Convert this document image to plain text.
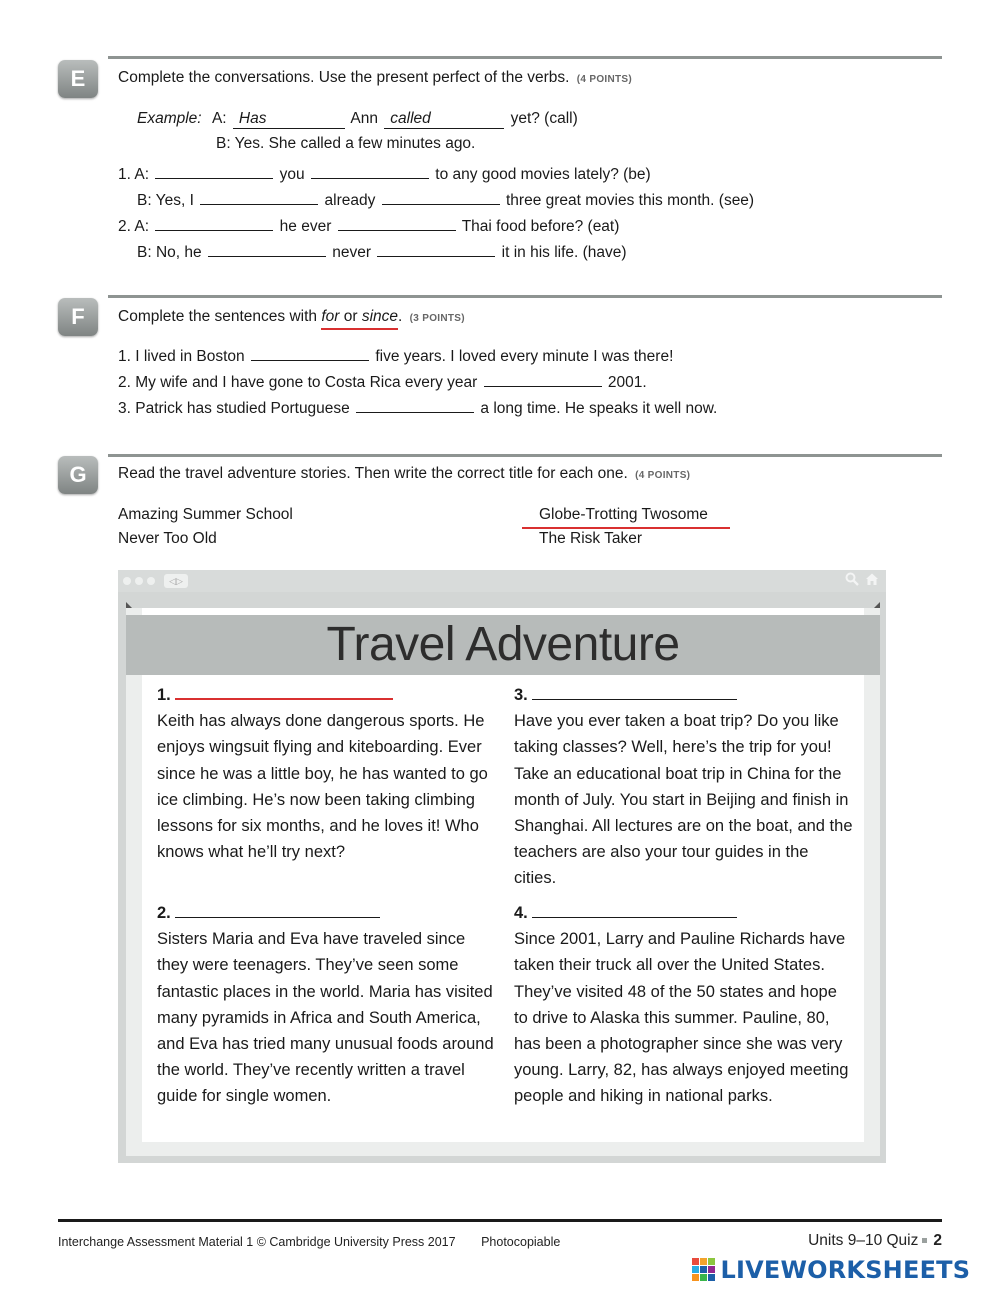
E	Complete the conversations. Use the present perfect of the verbs. (4 POINTS)
Example: A: Has	Ann called	yet? (call)
B: Yes. She called a few minutes ago.
1. A:	you	to any good movies lately? (be)
B: Yes, I	already	three great movies this month. (see)
2. A:	he ever	Thai food before? (eat)
B: No, he	never	it in his life. (have)
F	Complete the sentences with for or since. (3 POINTS)
1. I lived in Boston	five years. I loved every minute I was there!
2. My wife and I have gone to Costa Rica every year	2001.
3. Patrick has studied Portuguese	a long time. He speaks it well now.
G	Read the travel adventure stories. Then write the correct title for each one. (4 POINTS)
Amazing Summer School
Never Too Old
Globe-Trotting Twosome
The Risk Taker
◁▷
Travel Adventure
1.
Keith has always done dangerous sports. He enjoys wingsuit flying and kiteboarding. Ever since he was a little boy, he has wanted to go ice climbing. He’s now been taking climbing lessons for six months, and he loves it! Who knows what he’ll try next?
2.
Sisters Maria and Eva have traveled since they were teenagers. They’ve seen some fantastic places in the world. Maria has visited many pyramids in Africa and South America, and Eva has tried many unusual foods around the world. They’ve recently written a travel guide for single women.
3.
Have you ever taken a boat trip? Do you like taking classes? Well, here’s the trip for you! Take an educational boat trip in China for the month of July. You start in Beijing and finish in Shanghai. All lectures are on the boat, and the teachers are also your tour guides in the cities.
4.
Since 2001, Larry and Pauline Richards have taken their truck all over the United States. They’ve visited 48 of the 50 states and hope to drive to Alaska this summer. Pauline, 80, has been a photographer since she was very young. Larry, 82, has always enjoyed meeting people and hiking in national parks.
Interchange Assessment Material 1 © Cambridge University Press 2017 Photocopiable	Units 9–10 Quiz 2
LIVEWORKSHEETS
